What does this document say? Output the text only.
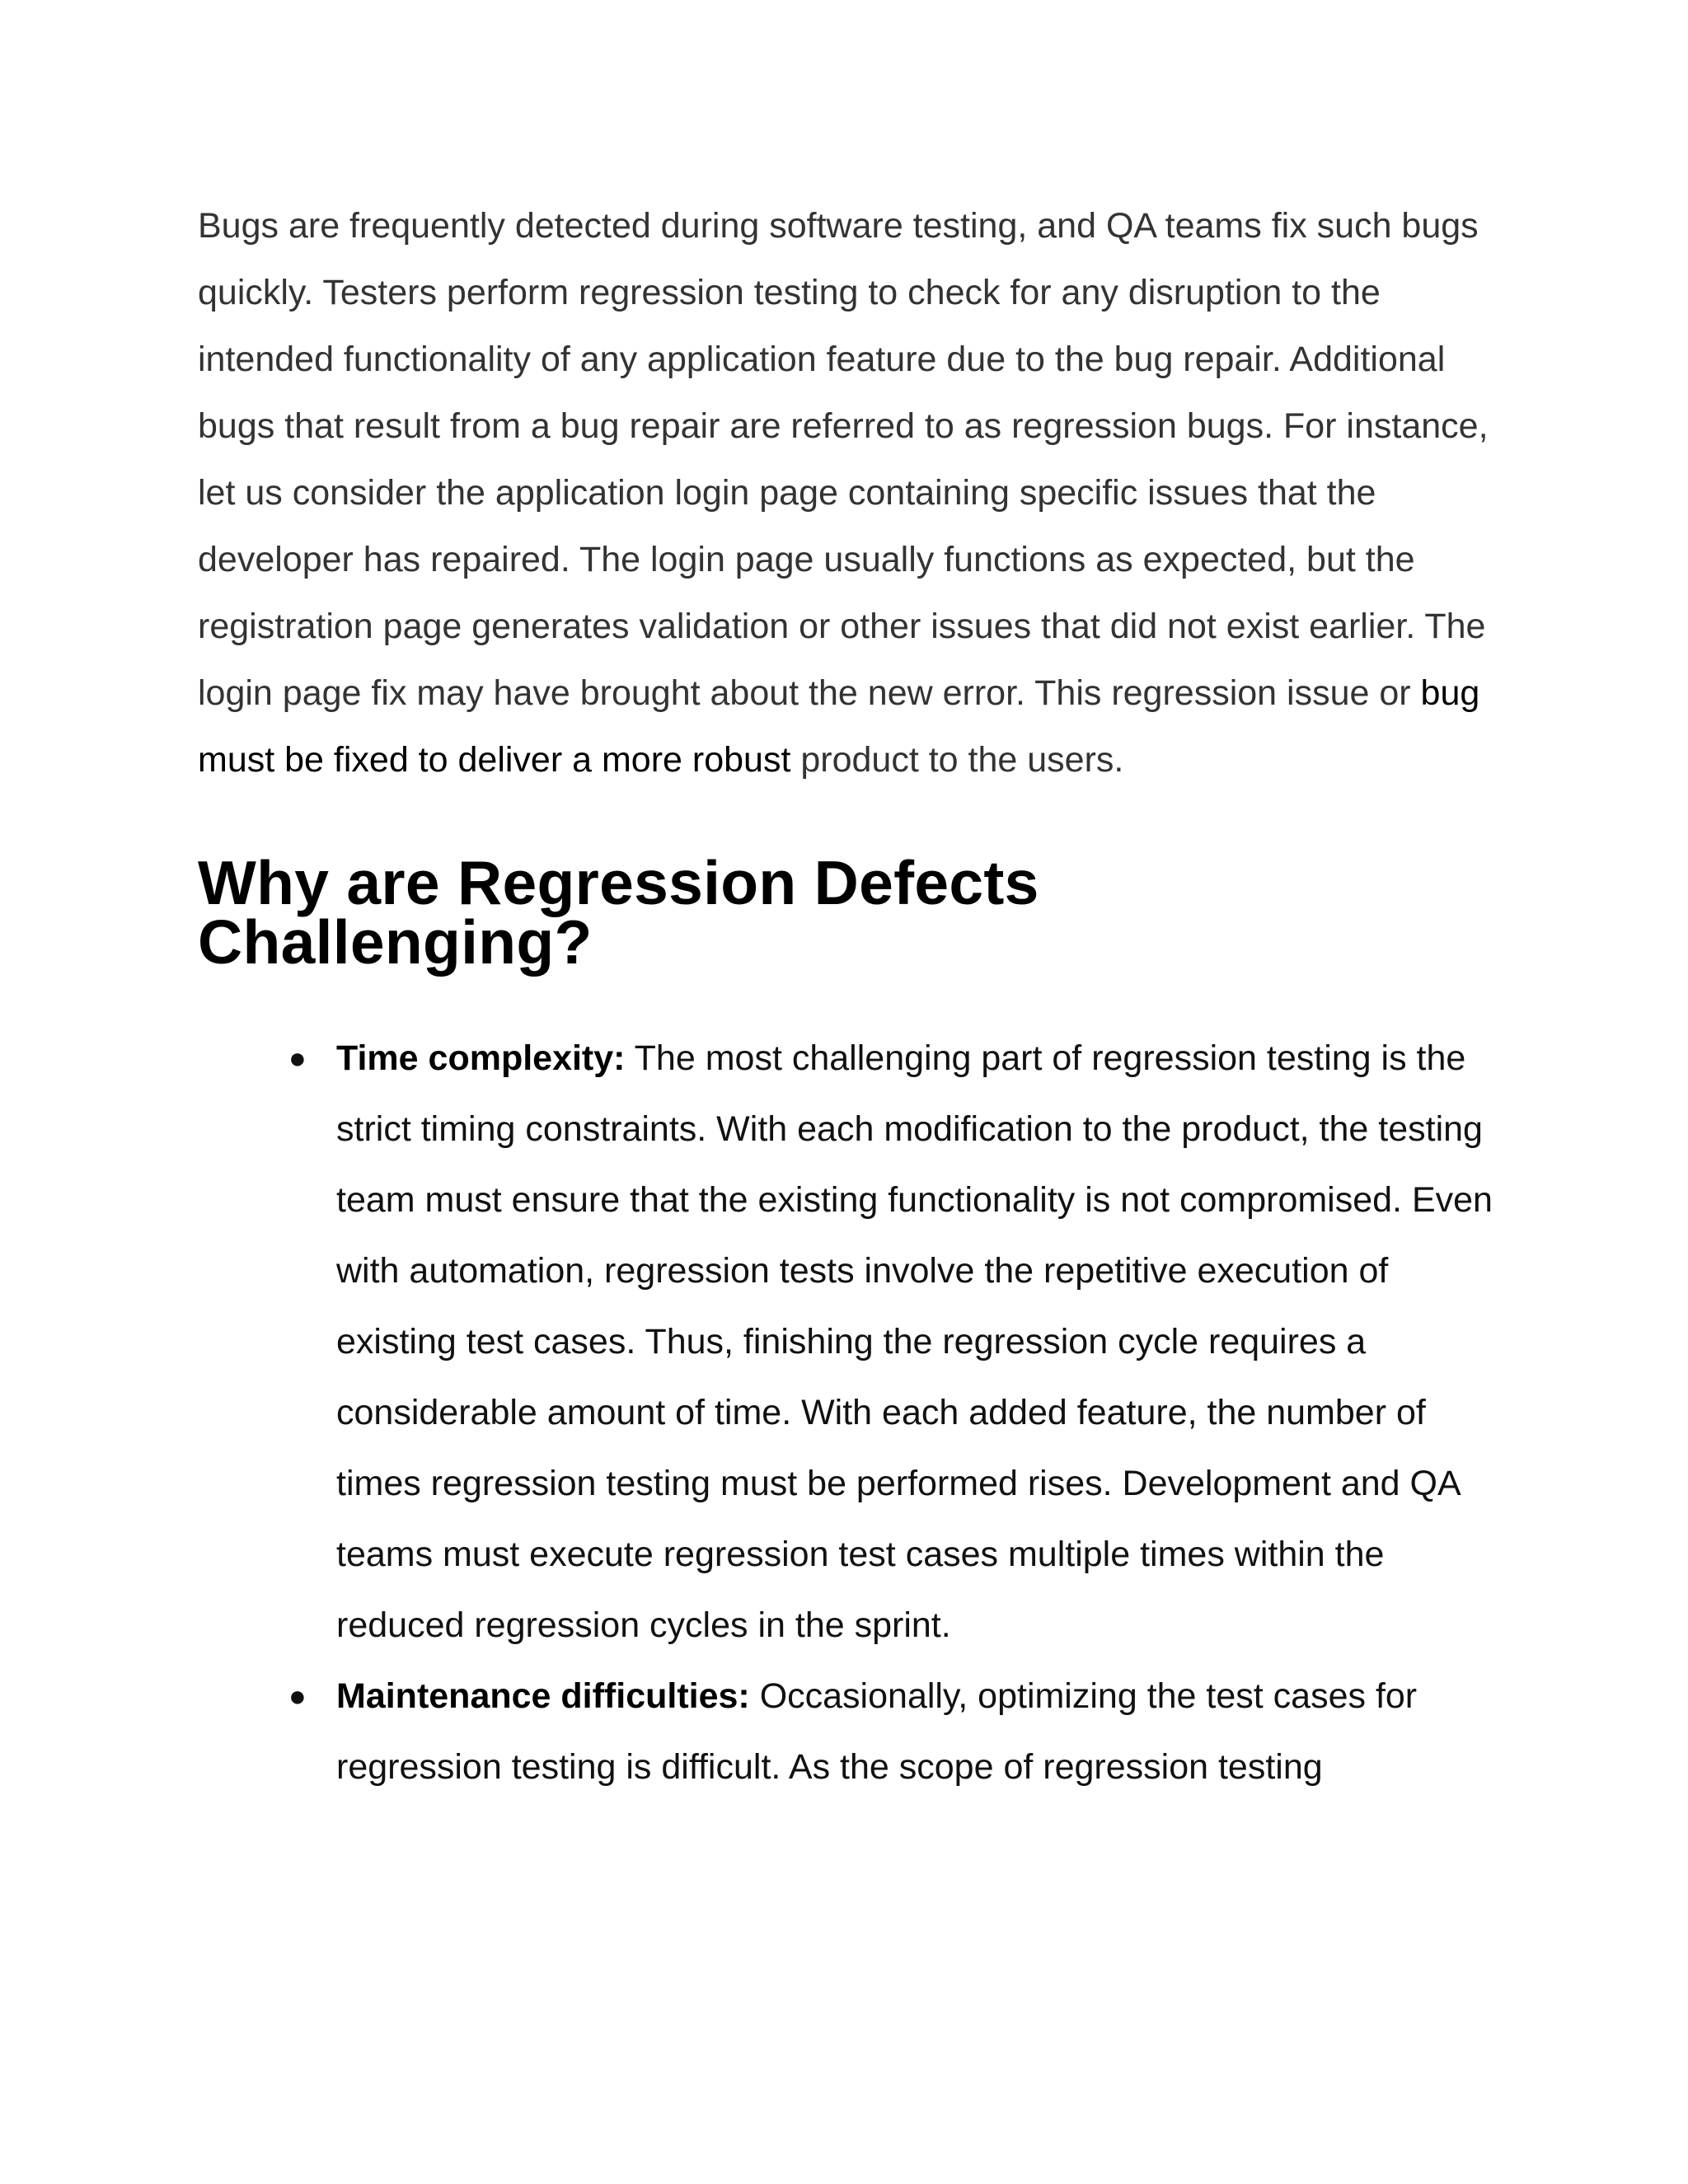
Bugs are frequently detected during software testing, and QA teams fix such bugs quickly. Testers perform regression testing to check for any disruption to the intended functionality of any application feature due to the bug repair. Additional bugs that result from a bug repair are referred to as regression bugs. For instance, let us consider the application login page containing specific issues that the developer has repaired. The login page usually functions as expected, but the registration page generates validation or other issues that did not exist earlier. The login page fix may have brought about the new error. This regression issue or bug must be fixed to deliver a more robust product to the users.

Why are Regression Defects
Challenging?
● Time complexity: The most challenging part of regression testing is the strict timing constraints. With each modification to the product, the testing team must ensure that the existing functionality is not compromised. Even with automation, regression tests involve the repetitive execution of existing test cases. Thus, finishing the regression cycle requires a considerable amount of time. With each added feature, the number of times regression testing must be performed rises. Development and QA teams must execute regression test cases multiple times within the reduced regression cycles in the sprint.
● Maintenance difficulties: Occasionally, optimizing the test cases for regression testing is difficult. As the scope of regression testing
